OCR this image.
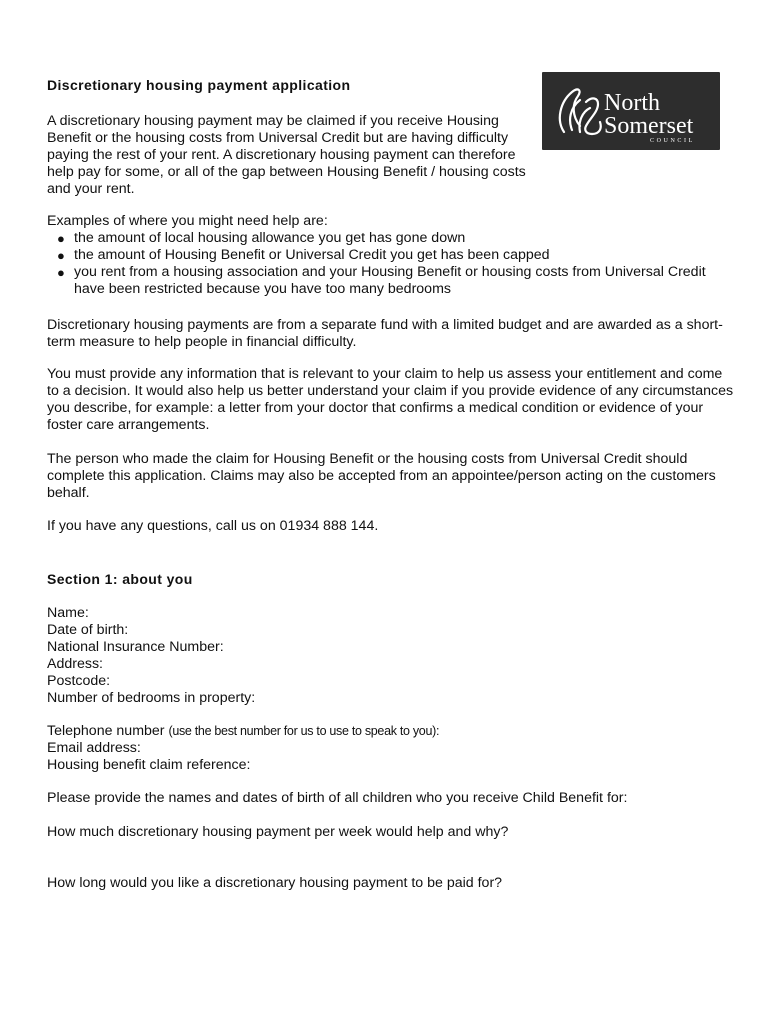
Discretionary housing payment application
North
Somerset
COUNCIL

A discretionary housing payment may be claimed if you receive Housing Benefit or the housing costs from Universal Credit but are having difficulty paying the rest of your rent. A discretionary housing payment can therefore help pay for some, or all of the gap between Housing Benefit / housing costs and your rent.

Examples of where you might need help are:

● the amount of local housing allowance you get has gone down
● the amount of Housing Benefit or Universal Credit you get has been capped
● you rent from a housing association and your Housing Benefit or housing costs from Universal Credit have been restricted because you have too many bedrooms

Discretionary housing payments are from a separate fund with a limited budget and are awarded as a short-term measure to help people in financial difficulty.

You must provide any information that is relevant to your claim to help us assess your entitlement and come to a decision. It would also help us better understand your claim if you provide evidence of any circumstances you describe, for example: a letter from your doctor that confirms a medical condition or evidence of your foster care arrangements.

The person who made the claim for Housing Benefit or the housing costs from Universal Credit should complete this application. Claims may also be accepted from an appointee/person acting on the customers behalf.

If you have any questions, call us on 01934 888 144.

Section 1: about you
Name:
Date of birth:
National Insurance Number:
Address:
Postcode:
Number of bedrooms in property:
Telephone number (use the best number for us to use to speak to you):
Email address:
Housing benefit claim reference:

Please provide the names and dates of birth of all children who you receive Child Benefit for:

How much discretionary housing payment per week would help and why?

How long would you like a discretionary housing payment to be paid for?
